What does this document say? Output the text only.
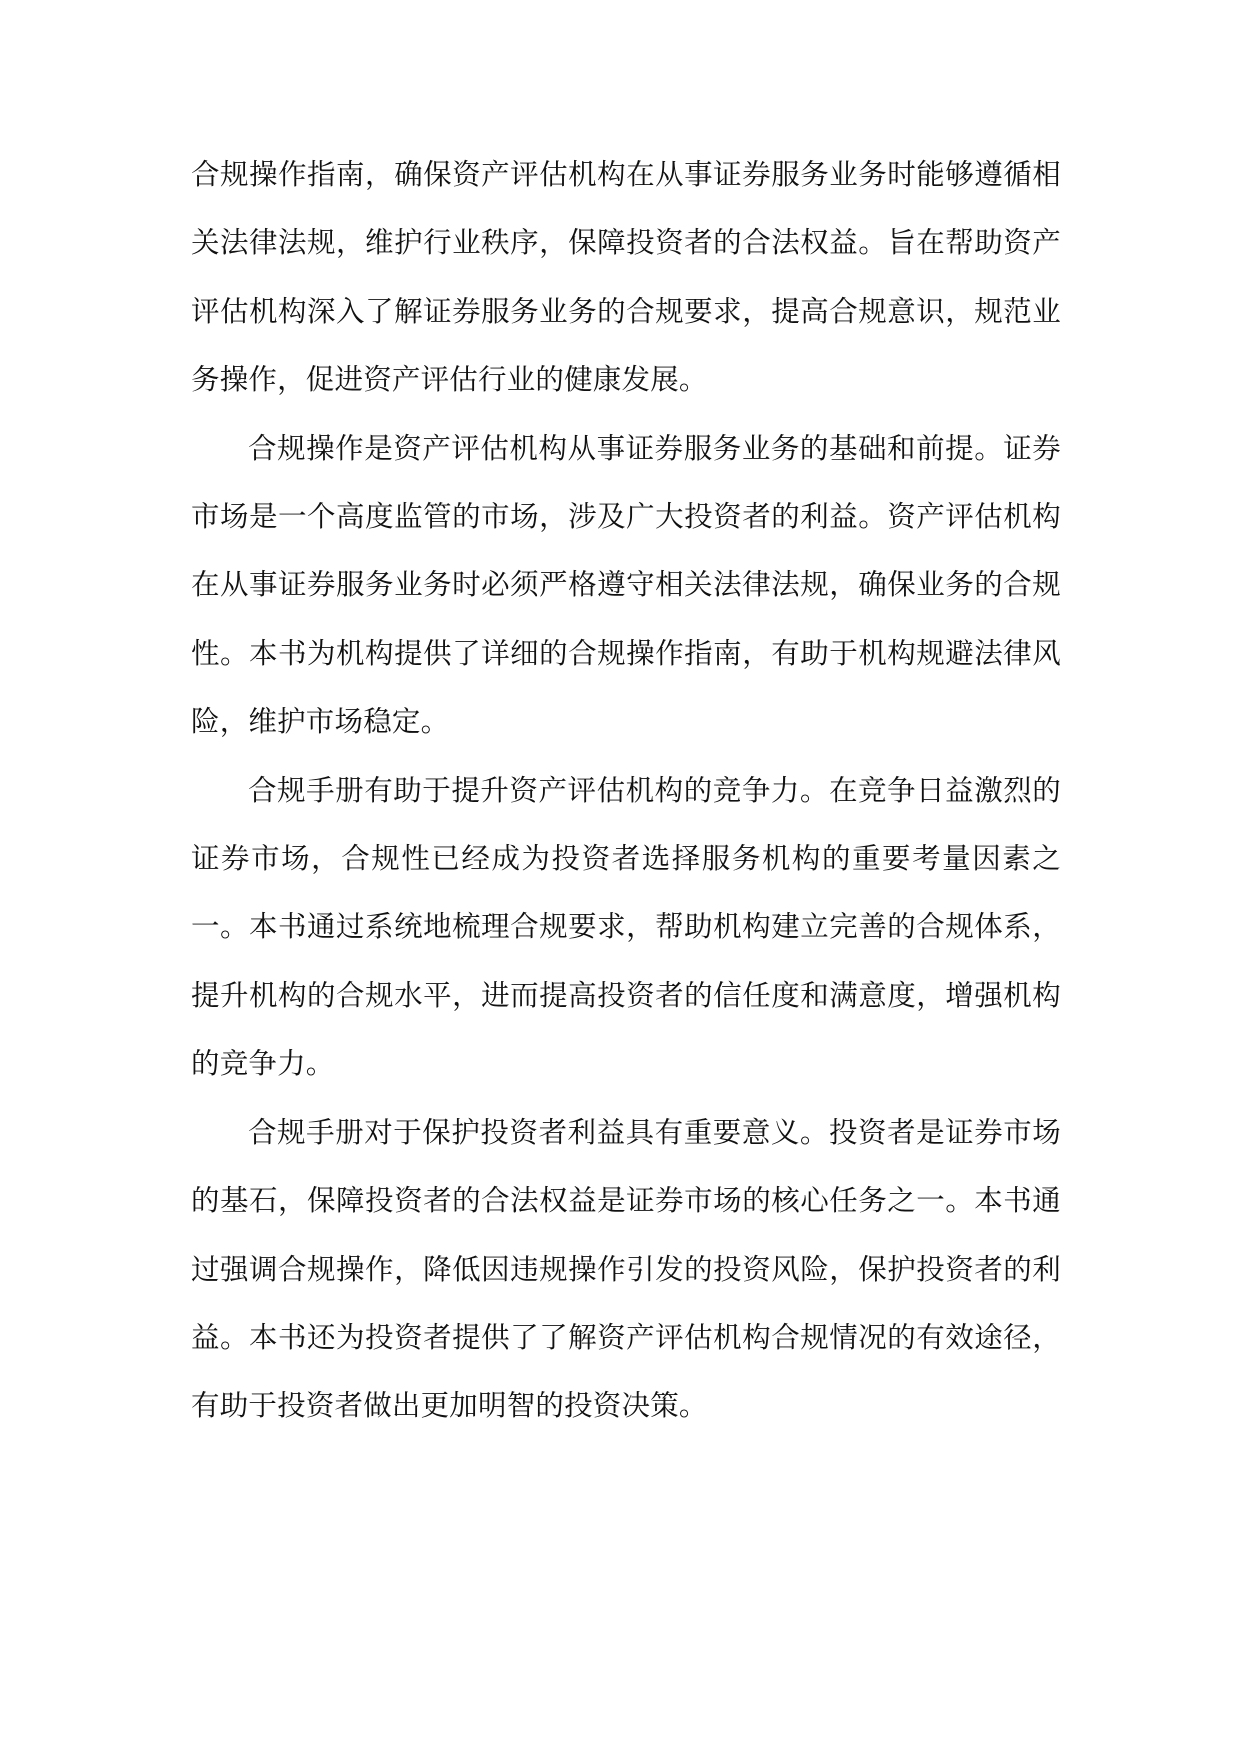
合规操作指南，确保资产评估机构在从事证券服务业务时能够遵循相关法律法规，维护行业秩序，保障投资者的合法权益。旨在帮助资产评估机构深入了解证券服务业务的合规要求，提高合规意识，规范业务操作，促进资产评估行业的健康发展。

合规操作是资产评估机构从事证券服务业务的基础和前提。证券市场是一个高度监管的市场，涉及广大投资者的利益。资产评估机构在从事证券服务业务时必须严格遵守相关法律法规，确保业务的合规性。本书为机构提供了详细的合规操作指南，有助于机构规避法律风险，维护市场稳定。

合规手册有助于提升资产评估机构的竞争力。在竞争日益激烈的证券市场，合规性已经成为投资者选择服务机构的重要考量因素之一。本书通过系统地梳理合规要求，帮助机构建立完善的合规体系，提升机构的合规水平，进而提高投资者的信任度和满意度，增强机构的竞争力。

合规手册对于保护投资者利益具有重要意义。投资者是证券市场的基石，保障投资者的合法权益是证券市场的核心任务之一。本书通过强调合规操作，降低因违规操作引发的投资风险，保护投资者的利益。本书还为投资者提供了了解资产评估机构合规情况的有效途径，有助于投资者做出更加明智的投资决策。
